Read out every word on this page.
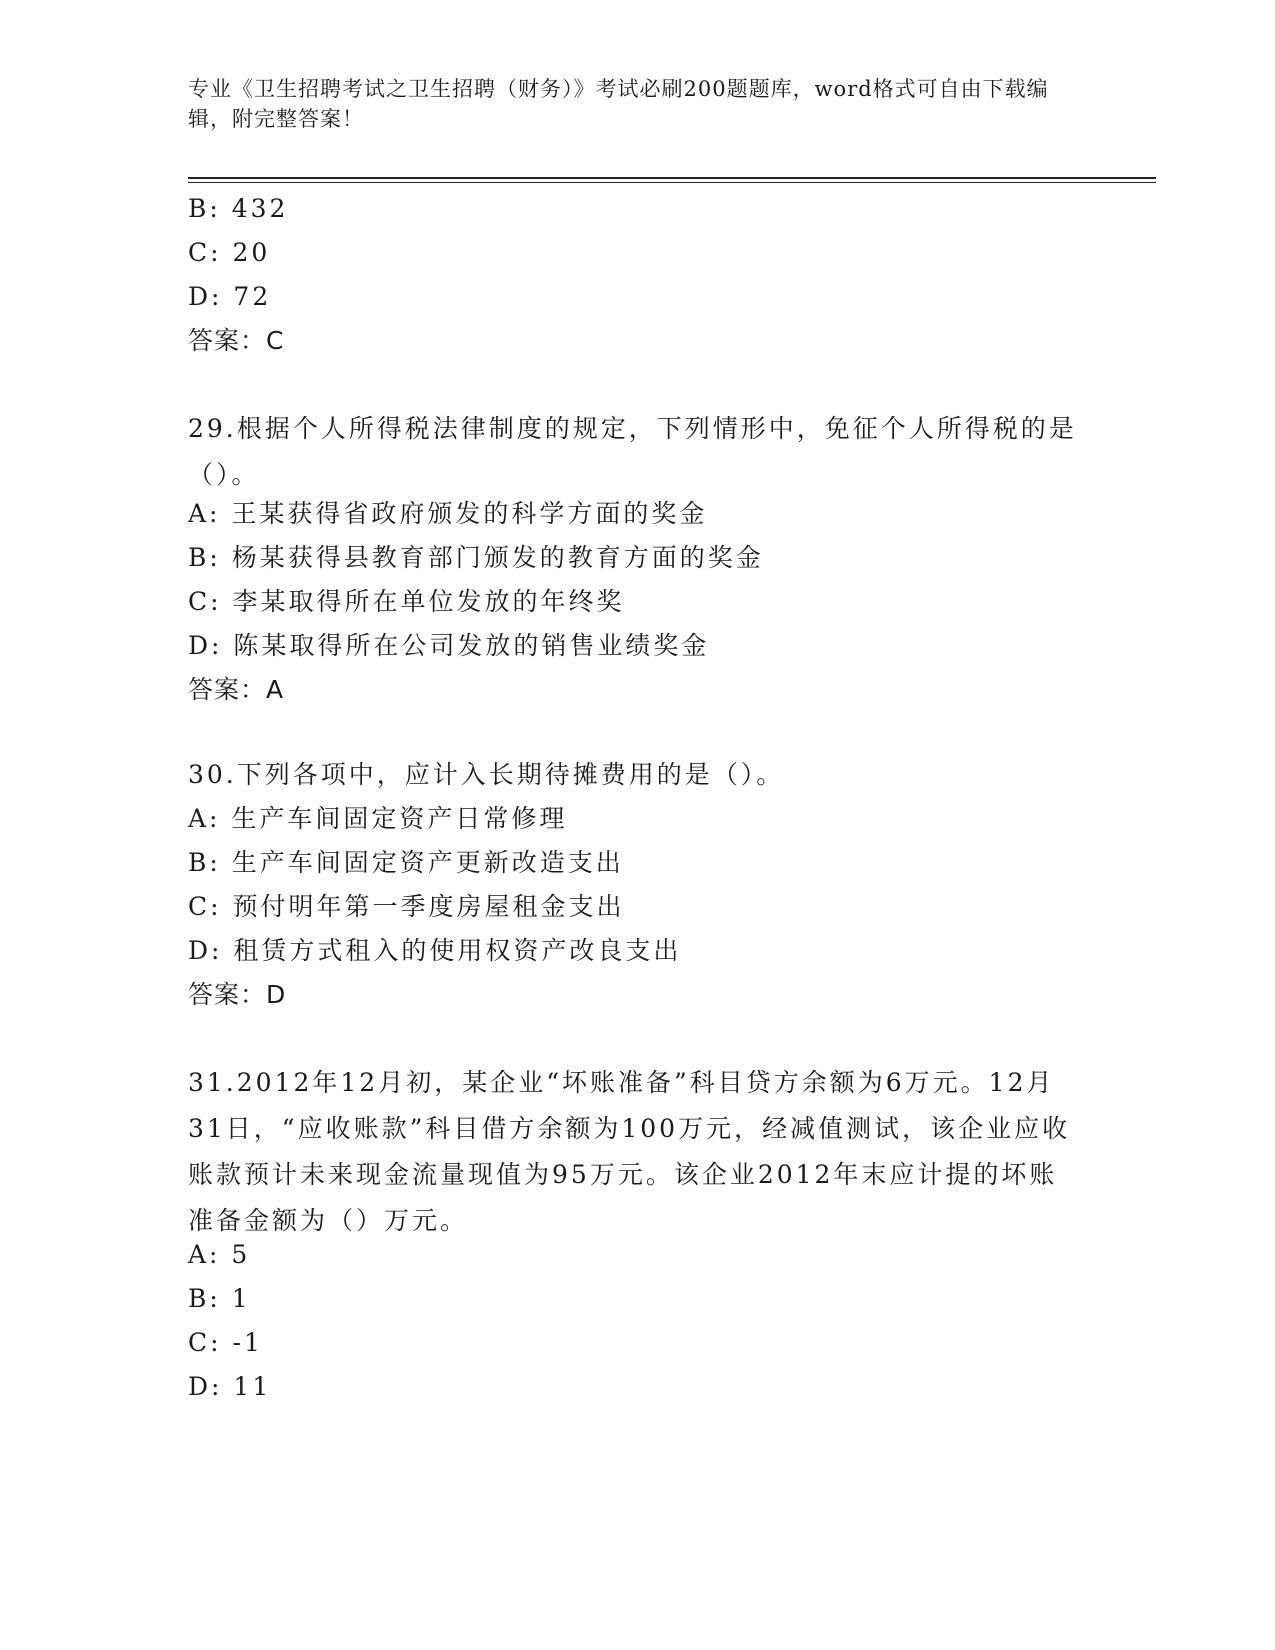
专业《卫生招聘考试之卫生招聘（财务）》考试必刷200题题库，word格式可自由下载编辑，附完整答案！
B: 432
C: 20
D: 72
答案：C
29.根据个人所得税法律制度的规定，下列情形中，免征个人所得税的是（）。
A: 王某获得省政府颁发的科学方面的奖金
B: 杨某获得县教育部门颁发的教育方面的奖金
C: 李某取得所在单位发放的年终奖
D: 陈某取得所在公司发放的销售业绩奖金
答案：A
30.下列各项中，应计入长期待摊费用的是（）。
A: 生产车间固定资产日常修理
B: 生产车间固定资产更新改造支出
C: 预付明年第一季度房屋租金支出
D: 租赁方式租入的使用权资产改良支出
答案：D
31.2012年12月初，某企业“坏账准备”科目贷方余额为6万元。12月31日，“应收账款”科目借方余额为100万元，经减值测试，该企业应收账款预计未来现金流量现值为95万元。该企业2012年末应计提的坏账准备金额为（）万元。
A: 5
B: 1
C: -1
D: 11
